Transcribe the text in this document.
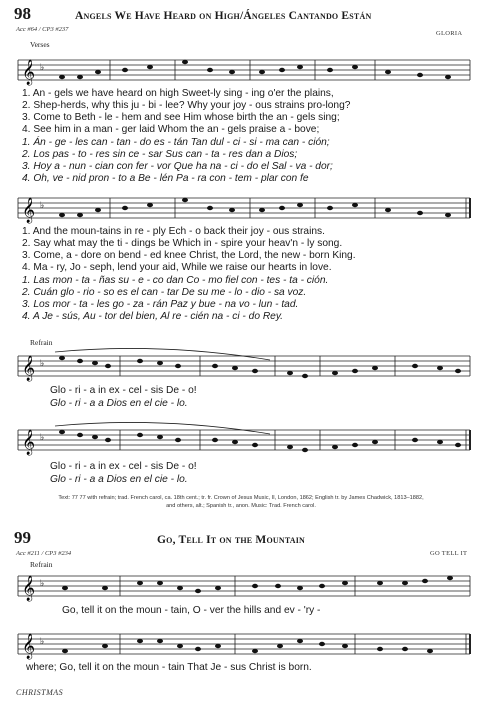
98	Angels We Have Heard on High/Ángeles Cantando Están
Acc #64 / CP3 #237
GLORIA
Verses
𝄞 ♭
1. An - gels we have heard on high Sweet-ly sing - ing o'er the plains,
2. Shep-herds, why this ju - bi - lee? Why your joy - ous strains pro-long?
3. Come to Beth - le - hem and see Him whose birth the an - gels sing;
4. See him in a man - ger laid Whom the an - gels praise a - bove;
1. Án - ge - les can - tan - do es - tán Tan dul - ci - si - ma can - ción;
2. Los pas - to - res sin ce - sar Sus can - ta - res dan a Dios;
3. Hoy a - nun - cian con fer - vor Que ha na - ci - do el Sal - va - dor;
4. Oh, ve - nid pron - to a Be - lén Pa - ra con - tem - plar con fe
𝄞 ♭
1. And the moun-tains in re - ply Ech - o back their joy - ous strains.
2. Say what may the ti - dings be Which in - spire your heav'n - ly song.
3. Come, a - dore on bend - ed knee Christ, the Lord, the new - born King.
4. Ma - ry, Jo - seph, lend your aid, While we raise our hearts in love.
1. Las mon - ta - ñas su - e - co dan Co - mo fiel con - tes - ta - ción.
2. Cuán glo - rio - so es el can - tar De su me - lo - dio - sa voz.
3. Los mor - ta - les go - za - rán Paz y bue - na vo - lun - tad.
4. A Je - sús, Au - tor del bien, Al re - cién na - ci - do Rey.
Refrain
𝄞 ♭
Glo - ri - a in ex - cel - sis De - o!
Glo - ri - a a Dios en el cie - lo.
𝄞 ♭
Glo - ri - a in ex - cel - sis De - o!
Glo - ri - a a Dios en el cie - lo.
Text: 77 77 with refrain; trad. French carol, ca. 18th cent.; tr. fr. Crown of Jesus Music, II, London, 1862; English tr. by James Chadwick, 1813–1882, and others, alt.; Spanish tr., anon. Music: Trad. French carol.
99	Go, Tell It on the Mountain
Acc #211 / CP3 #234	GO TELL IT
Refrain
𝄞 ♭
Go, tell it on the moun - tain, O - ver the hills and ev - 'ry -
𝄞 ♭
where; Go, tell it on the moun - tain That Je - sus Christ is born.
CHRISTMAS
